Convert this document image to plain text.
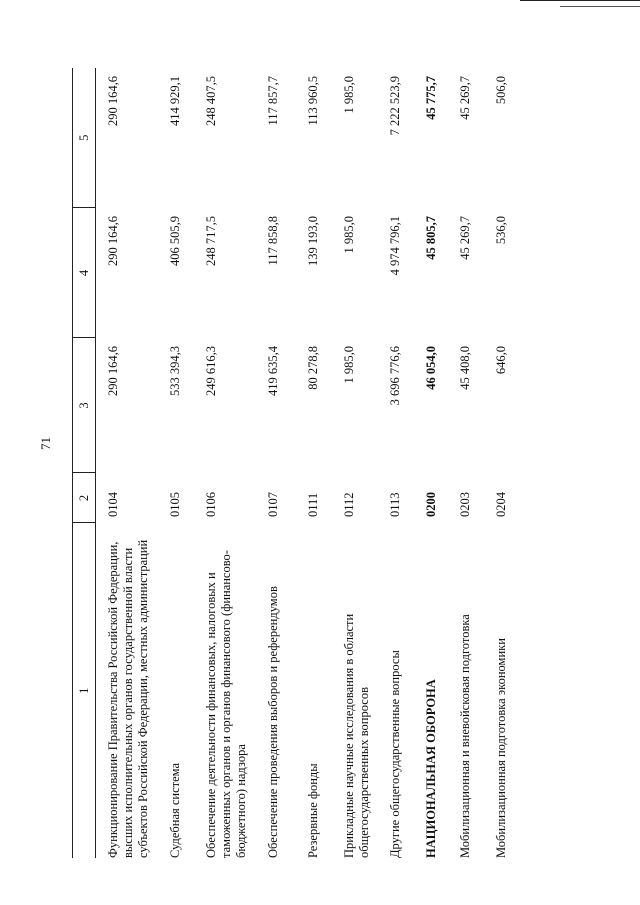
71
1	2	3	4	5

Функционирование Правительства Российской Федерации, высших исполнительных органов государственной власти субъектов Российской Федерации, местных администраций	0104	290 164,6	290 164,6	290 164,6
Судебная система	0105	533 394,3	406 505,9	414 929,1
Обеспечение деятельности финансовых, налоговых и таможенных органов и органов финансового (финансово-бюджетного) надзора	0106	249 616,3	248 717,5	248 407,5
Обеспечение проведения выборов и референдумов	0107	419 635,4	117 858,8	117 857,7
Резервные фонды	0111	80 278,8	139 193,0	113 960,5
Прикладные научные исследования в области общегосударственных вопросов	0112	1 985,0	1 985,0	1 985,0
Другие общегосударственные вопросы	0113	3 696 776,6	4 974 796,1	7 222 523,9
НАЦИОНАЛЬНАЯ ОБОРОНА	0200	46 054,0	45 805,7	45 775,7
Мобилизационная и вневойсковая подготовка	0203	45 408,0	45 269,7	45 269,7
Мобилизационная подготовка экономики	0204	646,0	536,0	506,0
